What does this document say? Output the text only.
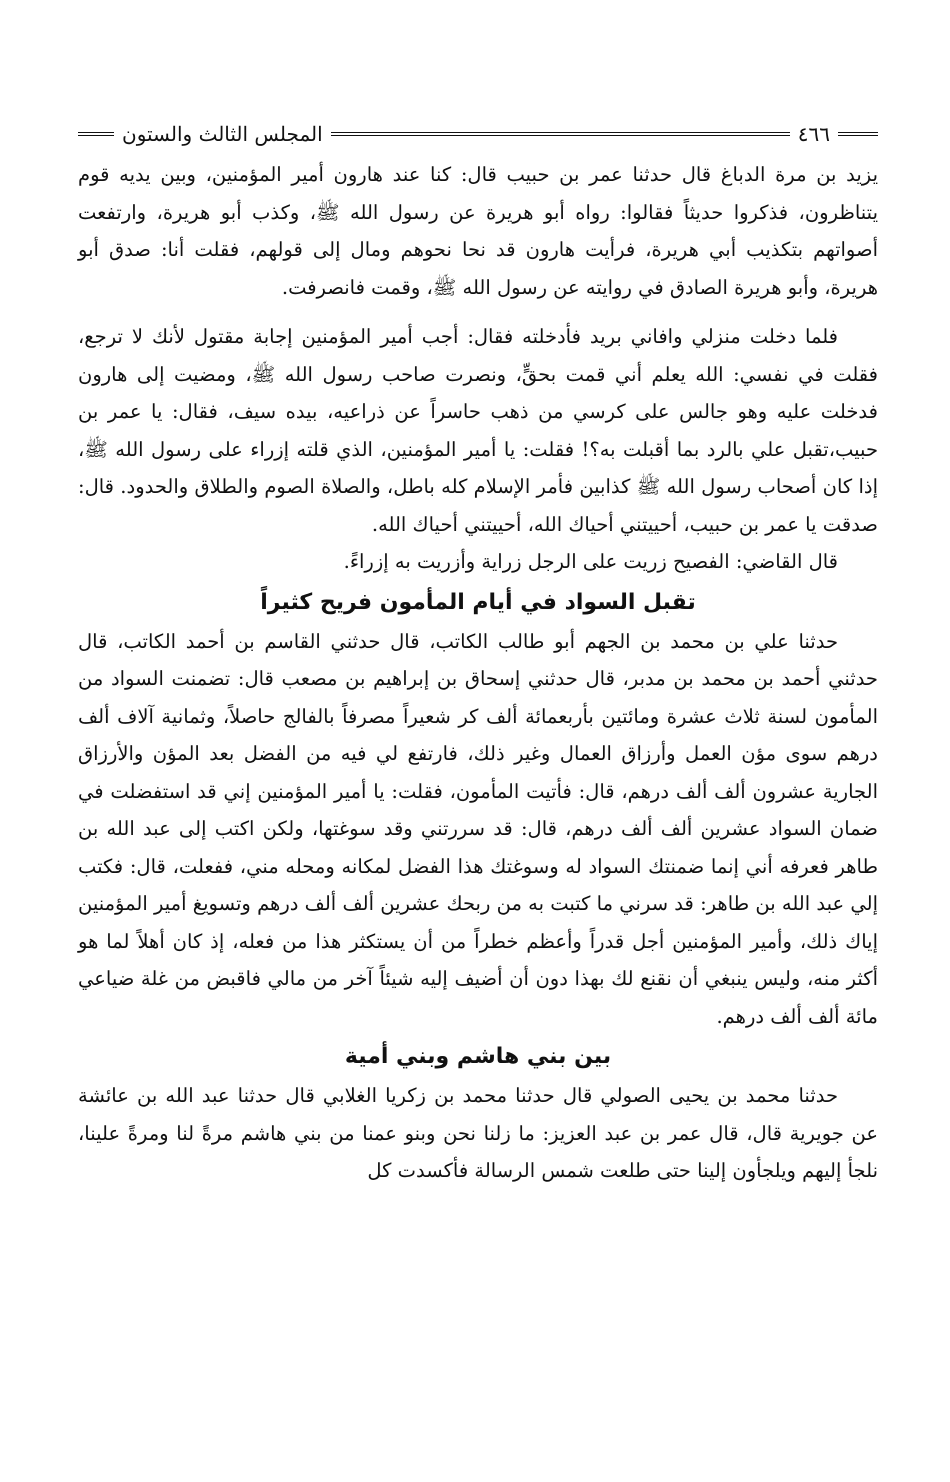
٤٦٦
المجلس الثالث والستون

يزيد بن مرة الدباغ قال حدثنا عمر بن حبيب قال: كنا عند هارون أمير المؤمنين، وبين يديه قوم يتناظرون، فذكروا حديثاً فقالوا: رواه أبو هريرة عن رسول الله ﷺ، وكذب أبو هريرة، وارتفعت أصواتهم بتكذيب أبي هريرة، فرأيت هارون قد نحا نحوهم ومال إلى قولهم، فقلت أنا: صدق أبو هريرة، وأبو هريرة الصادق في روايته عن رسول الله ﷺ، وقمت فانصرفت.

فلما دخلت منزلي وافاني بريد فأدخلته فقال: أجب أمير المؤمنين إجابة مقتول لأنك لا ترجع، فقلت في نفسي: الله يعلم أني قمت بحقٍّ، ونصرت صاحب رسول الله ﷺ، ومضيت إلى هارون فدخلت عليه وهو جالس على كرسي من ذهب حاسراً عن ذراعيه، بيده سيف، فقال: يا عمر بن حبيب،تقبل علي بالرد بما أقبلت به؟! فقلت: يا أمير المؤمنين، الذي قلته إزراء على رسول الله ﷺ، إذا كان أصحاب رسول الله ﷺ كذابين فأمر الإسلام كله باطل، والصلاة الصوم والطلاق والحدود. قال: صدقت يا عمر بن حبيب، أحييتني أحياك الله، أحييتني أحياك الله.

قال القاضي: الفصيح زريت على الرجل زراية وأزريت به إزراءً.

تقبل السواد في أيام المأمون فريح كثيراً

حدثنا علي بن محمد بن الجهم أبو طالب الكاتب، قال حدثني القاسم بن أحمد الكاتب، قال حدثني أحمد بن محمد بن مدبر، قال حدثني إسحاق بن إبراهيم بن مصعب قال: تضمنت السواد من المأمون لسنة ثلاث عشرة ومائتين بأربعمائة ألف كر شعيراً مصرفاً بالفالج حاصلاً، وثمانية آلاف ألف درهم سوى مؤن العمل وأرزاق العمال وغير ذلك، فارتفع لي فيه من الفضل بعد المؤن والأرزاق الجارية عشرون ألف ألف درهم، قال: فأتيت المأمون، فقلت: يا أمير المؤمنين إني قد استفضلت في ضمان السواد عشرين ألف ألف درهم، قال: قد سررتني وقد سوغتها، ولكن اكتب إلى عبد الله بن طاهر فعرفه أني إنما ضمنتك السواد له وسوغتك هذا الفضل لمكانه ومحله مني، ففعلت، قال: فكتب إلي عبد الله بن طاهر: قد سرني ما كتبت به من ربحك عشرين ألف ألف درهم وتسويغ أمير المؤمنين إياك ذلك، وأمير المؤمنين أجل قدراً وأعظم خطراً من أن يستكثر هذا من فعله، إذ كان أهلاً لما هو أكثر منه، وليس ينبغي أن نقنع لك بهذا دون أن أضيف إليه شيئاً آخر من مالي فاقبض من غلة ضياعي مائة ألف ألف درهم.

بين بني هاشم وبني أمية

حدثنا محمد بن يحيى الصولي قال حدثنا محمد بن زكريا الغلابي قال حدثنا عبد الله بن عائشة عن جويرية قال، قال عمر بن عبد العزيز: ما زلنا نحن وبنو عمنا من بني هاشم مرةً لنا ومرةً علينا، نلجأ إليهم ويلجأون إلينا حتى طلعت شمس الرسالة فأكسدت كل
